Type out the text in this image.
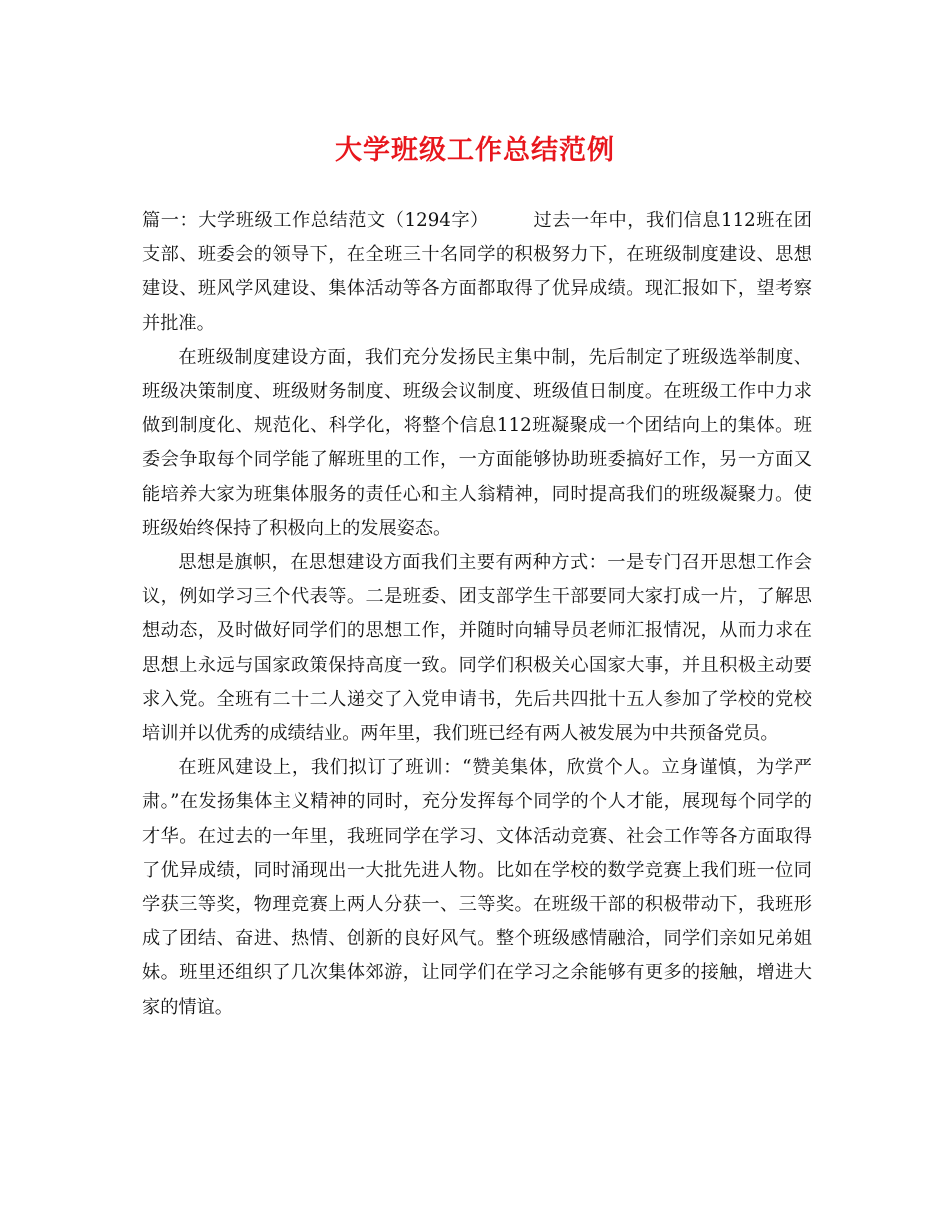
大学班级工作总结范例

篇一：大学班级工作总结范文（1294字） 过去一年中，我们信息112班在团支部、班委会的领导下，在全班三十名同学的积极努力下，在班级制度建设、思想建设、班风学风建设、集体活动等各方面都取得了优异成绩。现汇报如下，望考察并批准。

在班级制度建设方面，我们充分发扬民主集中制，先后制定了班级选举制度、班级决策制度、班级财务制度、班级会议制度、班级值日制度。在班级工作中力求做到制度化、规范化、科学化，将整个信息112班凝聚成一个团结向上的集体。班委会争取每个同学能了解班里的工作，一方面能够协助班委搞好工作，另一方面又能培养大家为班集体服务的责任心和主人翁精神，同时提高我们的班级凝聚力。使班级始终保持了积极向上的发展姿态。

思想是旗帜，在思想建设方面我们主要有两种方式：一是专门召开思想工作会议，例如学习三个代表等。二是班委、团支部学生干部要同大家打成一片，了解思想动态，及时做好同学们的思想工作，并随时向辅导员老师汇报情况，从而力求在思想上永远与国家政策保持高度一致。同学们积极关心国家大事，并且积极主动要求入党。全班有二十二人递交了入党申请书，先后共四批十五人参加了学校的党校培训并以优秀的成绩结业。两年里，我们班已经有两人被发展为中共预备党员。

在班风建设上，我们拟订了班训：“赞美集体，欣赏个人。立身谨慎，为学严肃。”在发扬集体主义精神的同时，充分发挥每个同学的个人才能，展现每个同学的才华。在过去的一年里，我班同学在学习、文体活动竞赛、社会工作等各方面取得了优异成绩，同时涌现出一大批先进人物。比如在学校的数学竞赛上我们班一位同学获三等奖，物理竞赛上两人分获一、三等奖。在班级干部的积极带动下，我班形成了团结、奋进、热情、创新的良好风气。整个班级感情融洽，同学们亲如兄弟姐妹。班里还组织了几次集体郊游，让同学们在学习之余能够有更多的接触，增进大家的情谊。
